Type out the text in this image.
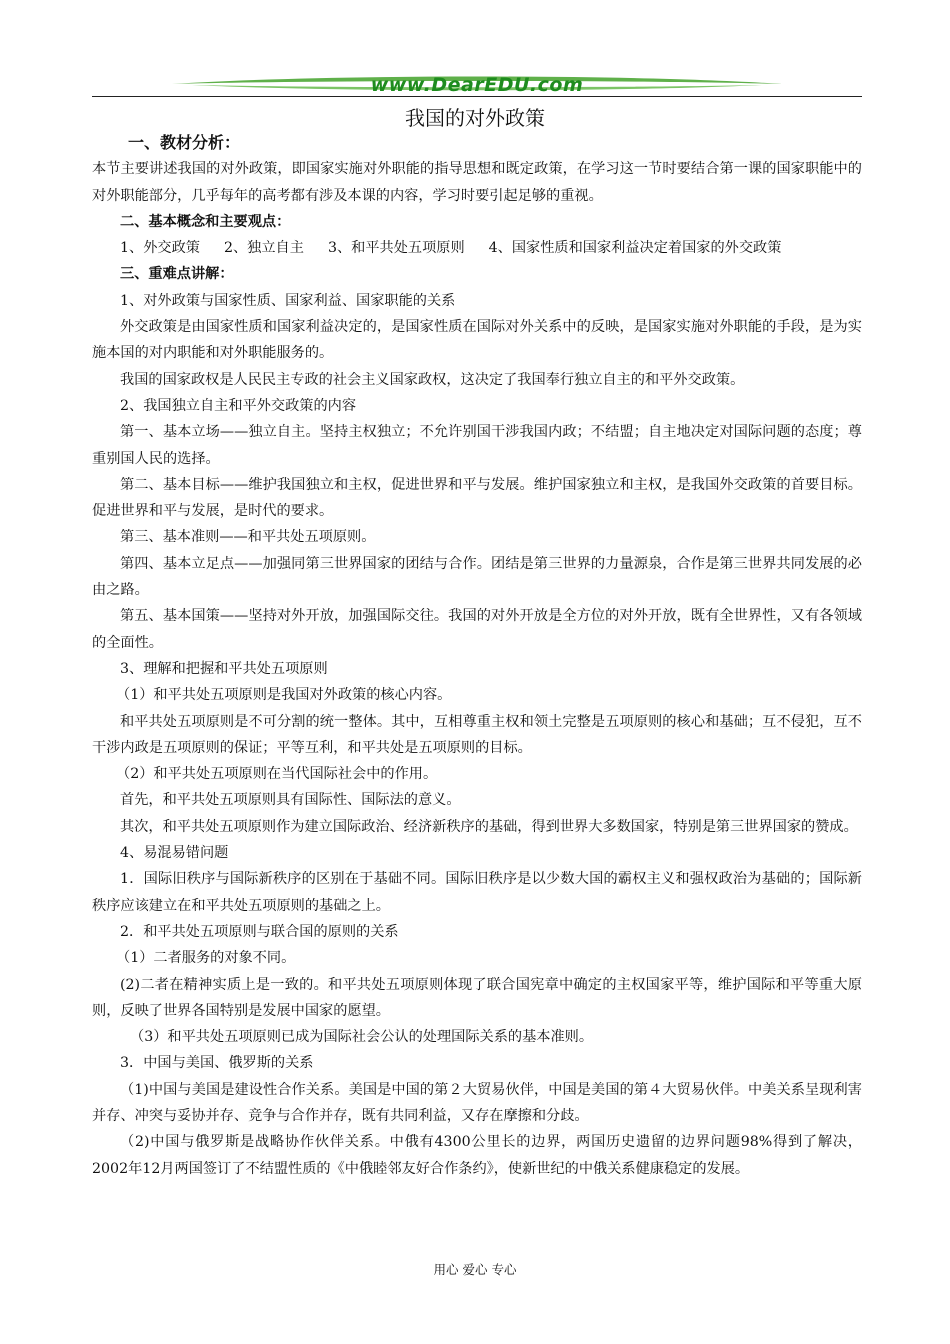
www.DearEDU.com
我国的对外政策

一、教材分析：

本节主要讲述我国的对外政策，即国家实施对外职能的指导思想和既定政策，在学习这一节时要结合第一课的国家职能中的对外职能部分，几乎每年的高考都有涉及本课的内容，学习时要引起足够的重视。

二、基本概念和主要观点：

1、外交政策 2、独立自主 3、和平共处五项原则 4、国家性质和国家利益决定着国家的外交政策

三、重难点讲解：

1、对外政策与国家性质、国家利益、国家职能的关系

外交政策是由国家性质和国家利益决定的，是国家性质在国际对外关系中的反映，是国家实施对外职能的手段，是为实施本国的对内职能和对外职能服务的。

我国的国家政权是人民民主专政的社会主义国家政权，这决定了我国奉行独立自主的和平外交政策。

2、我国独立自主和平外交政策的内容

第一、基本立场——独立自主。坚持主权独立；不允许别国干涉我国内政；不结盟；自主地决定对国际问题的态度；尊重别国人民的选择。

第二、基本目标——维护我国独立和主权，促进世界和平与发展。维护国家独立和主权，是我国外交政策的首要目标。促进世界和平与发展，是时代的要求。

第三、基本准则——和平共处五项原则。

第四、基本立足点——加强同第三世界国家的团结与合作。团结是第三世界的力量源泉，合作是第三世界共同发展的必由之路。

第五、基本国策——坚持对外开放，加强国际交往。我国的对外开放是全方位的对外开放，既有全世界性，又有各领域的全面性。

3、理解和把握和平共处五项原则

（1）和平共处五项原则是我国对外政策的核心内容。

和平共处五项原则是不可分割的统一整体。其中，互相尊重主权和领土完整是五项原则的核心和基础；互不侵犯，互不干涉内政是五项原则的保证；平等互利，和平共处是五项原则的目标。

（2）和平共处五项原则在当代国际社会中的作用。

首先，和平共处五项原则具有国际性、国际法的意义。

其次，和平共处五项原则作为建立国际政治、经济新秩序的基础，得到世界大多数国家，特别是第三世界国家的赞成。

4、易混易错问题

1．国际旧秩序与国际新秩序的区别在于基础不同。国际旧秩序是以少数大国的霸权主义和强权政治为基础的；国际新秩序应该建立在和平共处五项原则的基础之上。

2．和平共处五项原则与联合国的原则的关系

（1）二者服务的对象不同。

(2)二者在精神实质上是一致的。和平共处五项原则体现了联合国宪章中确定的主权国家平等，维护国际和平等重大原则，反映了世界各国特别是发展中国家的愿望。

（3）和平共处五项原则已成为国际社会公认的处理国际关系的基本准则。

3．中国与美国、俄罗斯的关系

（1)中国与美国是建设性合作关系。美国是中国的第２大贸易伙伴，中国是美国的第４大贸易伙伴。中美关系呈现利害并存、冲突与妥协并存、竞争与合作并存，既有共同利益，又存在摩擦和分歧。

（2)中国与俄罗斯是战略协作伙伴关系。中俄有4300公里长的边界，两国历史遗留的边界问题98%得到了解决，2002年12月两国签订了不结盟性质的《中俄睦邻友好合作条约》，使新世纪的中俄关系健康稳定的发展。

用心 爱心 专心
